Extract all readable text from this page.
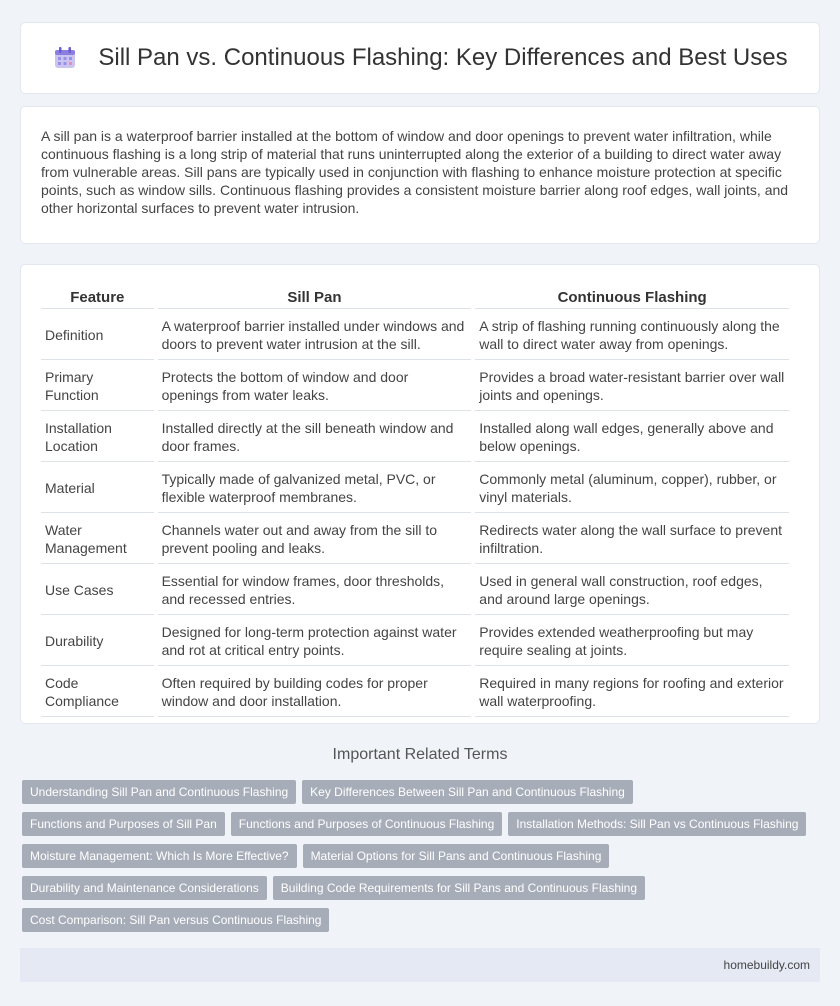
Sill Pan vs. Continuous Flashing: Key Differences and Best Uses
A sill pan is a waterproof barrier installed at the bottom of window and door openings to prevent water infiltration, while continuous flashing is a long strip of material that runs uninterrupted along the exterior of a building to direct water away from vulnerable areas. Sill pans are typically used in conjunction with flashing to enhance moisture protection at specific points, such as window sills. Continuous flashing provides a consistent moisture barrier along roof edges, wall joints, and other horizontal surfaces to prevent water intrusion.
Feature	Sill Pan	Continuous Flashing
Definition	A waterproof barrier installed under windows and doors to prevent water intrusion at the sill.	A strip of flashing running continuously along the wall to direct water away from openings.
Primary Function	Protects the bottom of window and door openings from water leaks.	Provides a broad water-resistant barrier over wall joints and openings.
Installation Location	Installed directly at the sill beneath window and door frames.	Installed along wall edges, generally above and below openings.
Material	Typically made of galvanized metal, PVC, or flexible waterproof membranes.	Commonly metal (aluminum, copper), rubber, or vinyl materials.
Water Management	Channels water out and away from the sill to prevent pooling and leaks.	Redirects water along the wall surface to prevent infiltration.
Use Cases	Essential for window frames, door thresholds, and recessed entries.	Used in general wall construction, roof edges, and around large openings.
Durability	Designed for long-term protection against water and rot at critical entry points.	Provides extended weatherproofing but may require sealing at joints.
Code Compliance	Often required by building codes for proper window and door installation.	Required in many regions for roofing and exterior wall waterproofing.
Important Related Terms
Understanding Sill Pan and Continuous Flashing	Key Differences Between Sill Pan and Continuous Flashing
Functions and Purposes of Sill Pan	Functions and Purposes of Continuous Flashing	Installation Methods: Sill Pan vs Continuous Flashing
Moisture Management: Which Is More Effective?	Material Options for Sill Pans and Continuous Flashing
Durability and Maintenance Considerations	Building Code Requirements for Sill Pans and Continuous Flashing
Cost Comparison: Sill Pan versus Continuous Flashing
homebuildy.com
